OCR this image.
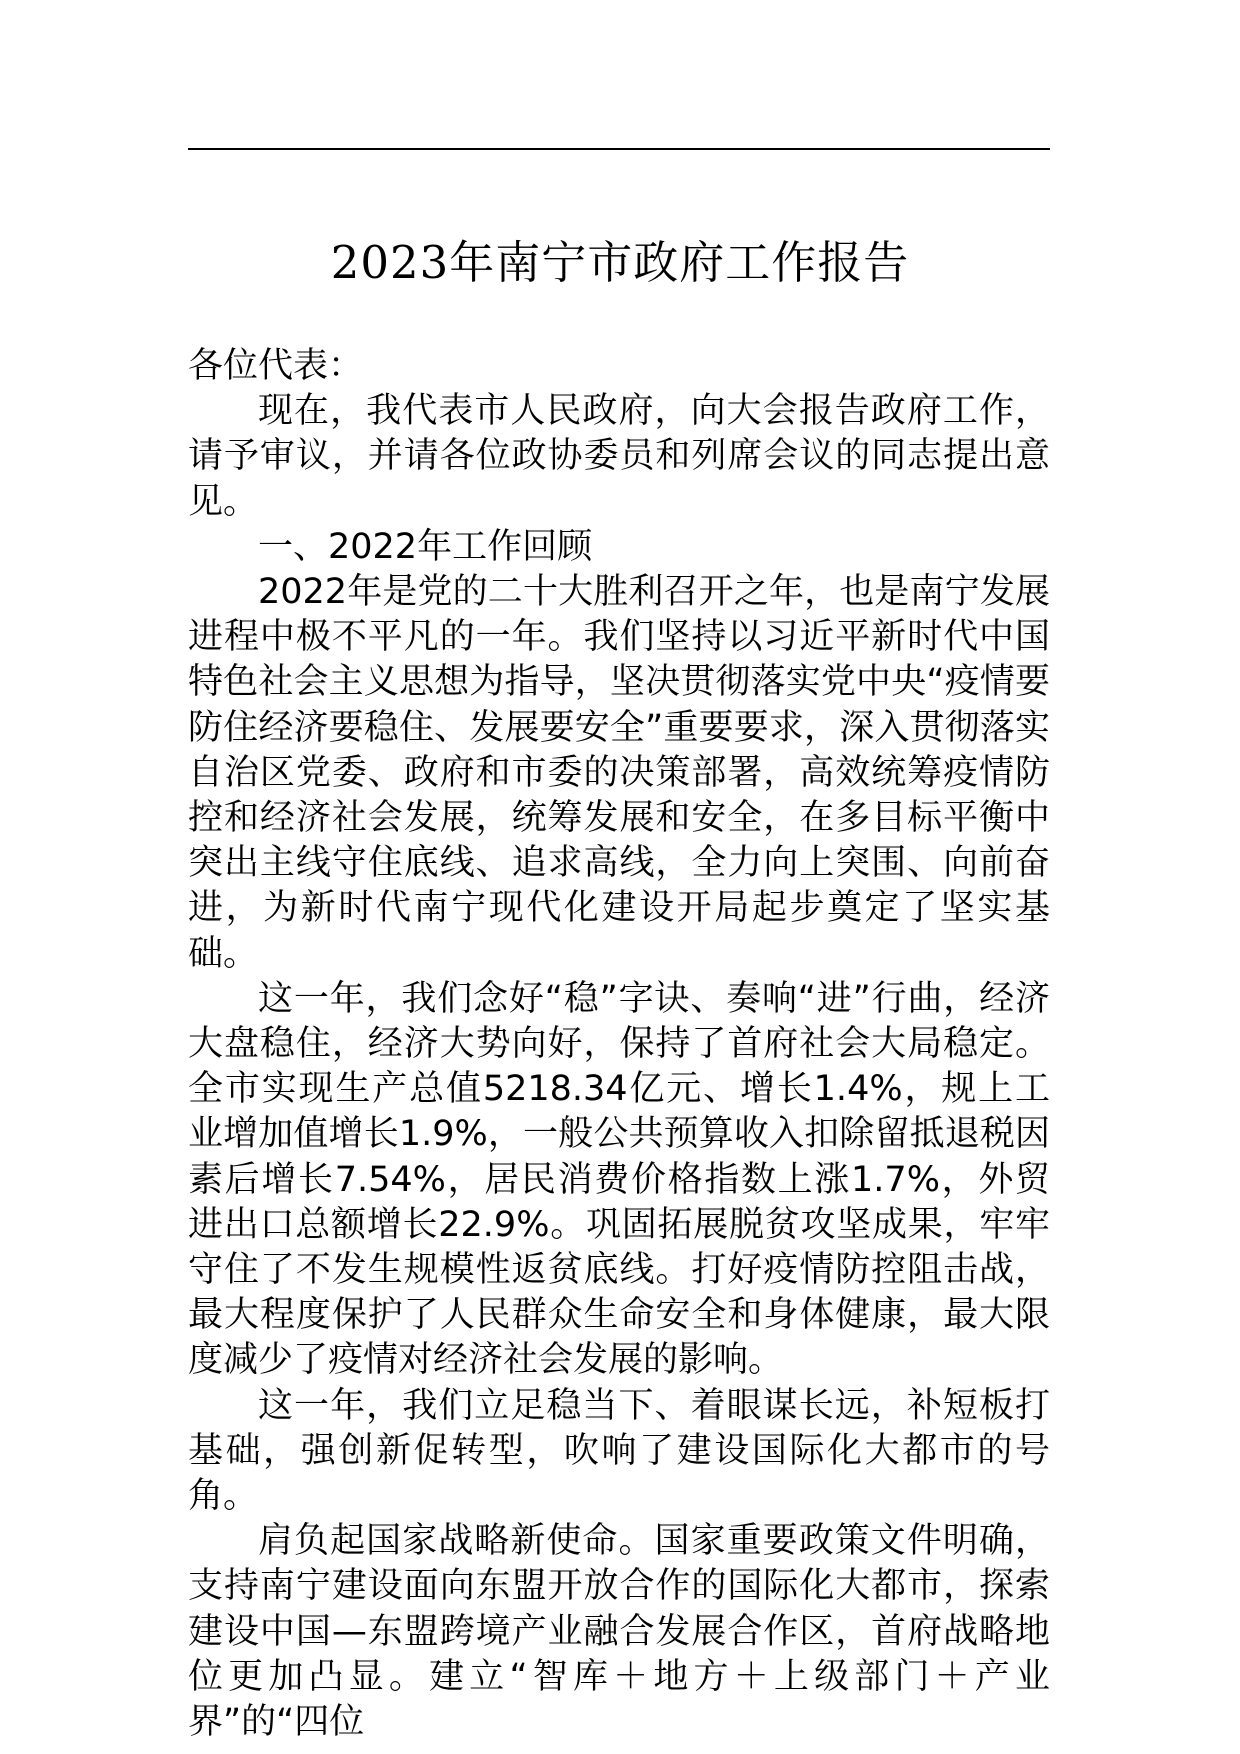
2023年南宁市政府工作报告

各位代表：

现在，我代表市人民政府，向大会报告政府工作，请予审议，并请各位政协委员和列席会议的同志提出意见。

一、2022年工作回顾

2022年是党的二十大胜利召开之年，也是南宁发展进程中极不平凡的一年。我们坚持以习近平新时代中国特色社会主义思想为指导，坚决贯彻落实党中央“疫情要防住经济要稳住、发展要安全”重要要求，深入贯彻落实自治区党委、政府和市委的决策部署，高效统筹疫情防控和经济社会发展，统筹发展和安全，在多目标平衡中突出主线守住底线、追求高线，全力向上突围、向前奋进，为新时代南宁现代化建设开局起步奠定了坚实基础。

这一年，我们念好“稳”字诀、奏响“进”行曲，经济大盘稳住，经济大势向好，保持了首府社会大局稳定。全市实现生产总值5218.34亿元、增长1.4%，规上工业增加值增长1.9%，一般公共预算收入扣除留抵退税因素后增长7.54%，居民消费价格指数上涨1.7%，外贸进出口总额增长22.9%。巩固拓展脱贫攻坚成果，牢牢守住了不发生规模性返贫底线。打好疫情防控阻击战，最大程度保护了人民群众生命安全和身体健康，最大限度减少了疫情对经济社会发展的影响。

这一年，我们立足稳当下、着眼谋长远，补短板打基础，强创新促转型，吹响了建设国际化大都市的号角。

肩负起国家战略新使命。国家重要政策文件明确，支持南宁建设面向东盟开放合作的国际化大都市，探索建设中国—东盟跨境产业融合发展合作区，首府战略地位更加凸显。建立“智库＋地方＋上级部门＋产业界”的“四位
